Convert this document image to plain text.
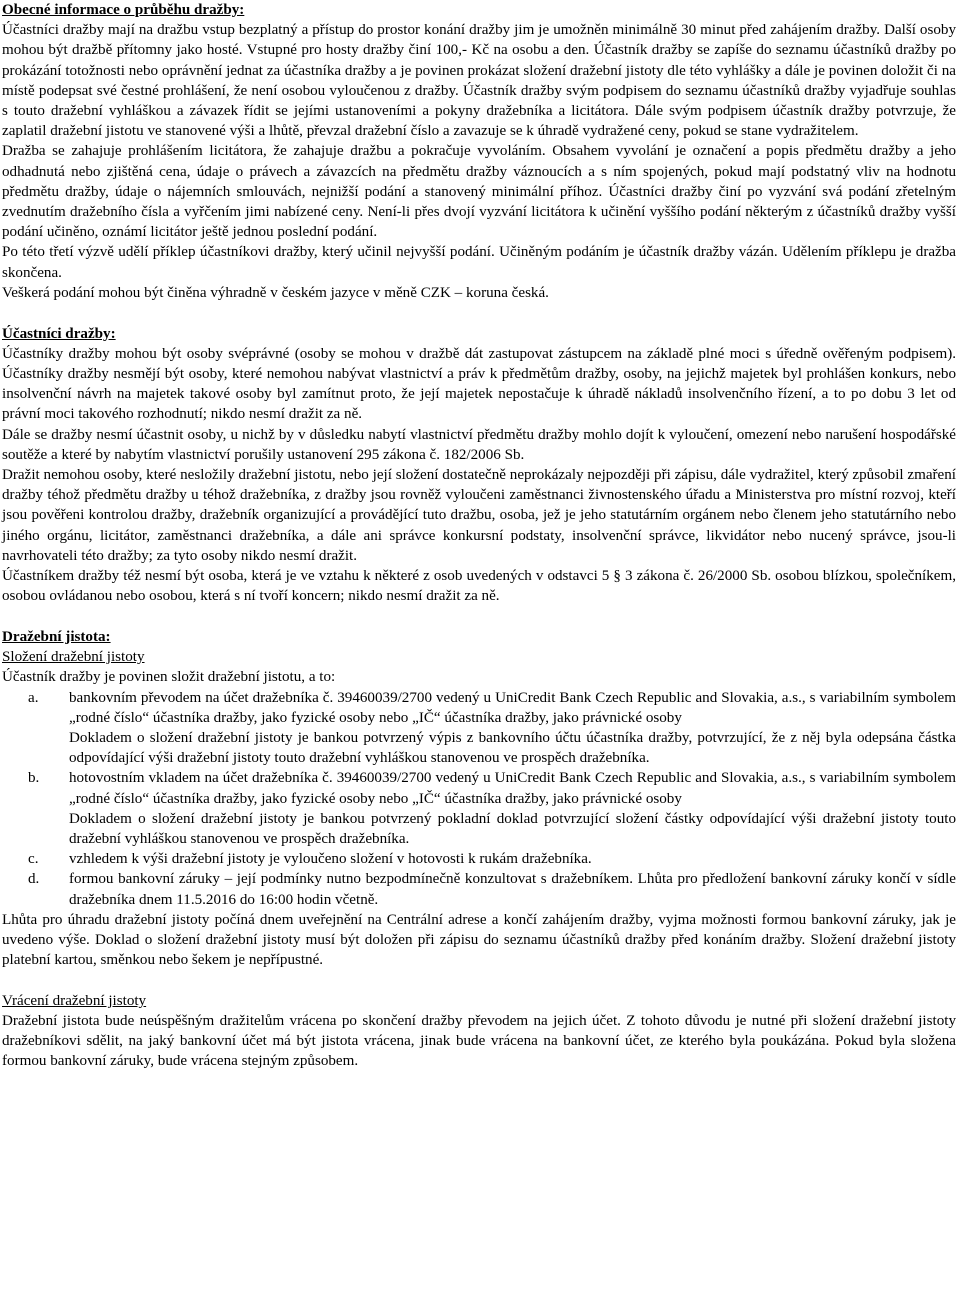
Obecné informace o průběhu dražby:

Účastníci dražby mají na dražbu vstup bezplatný a přístup do prostor konání dražby jim je umožněn minimálně 30 minut před zahájením dražby. Další osoby mohou být dražbě přítomny jako hosté. Vstupné pro hosty dražby činí 100,- Kč na osobu a den. Účastník dražby se zapíše do seznamu účastníků dražby po prokázání totožnosti nebo oprávnění jednat za účastníka dražby a je povinen prokázat složení dražební jistoty dle této vyhlášky a dále je povinen doložit či na místě podepsat své čestné prohlášení, že není osobou vyloučenou z dražby. Účastník dražby svým podpisem do seznamu účastníků dražby vyjadřuje souhlas s touto dražební vyhláškou a závazek řídit se jejími ustanoveními a pokyny dražebníka a licitátora. Dále svým podpisem účastník dražby potvrzuje, že zaplatil dražební jistotu ve stanovené výši a lhůtě, převzal dražební číslo a zavazuje se k úhradě vydražené ceny, pokud se stane vydražitelem.

Dražba se zahajuje prohlášením licitátora, že zahajuje dražbu a pokračuje vyvoláním. Obsahem vyvolání je označení a popis předmětu dražby a jeho odhadnutá nebo zjištěná cena, údaje o právech a závazcích na předmětu dražby váznoucích a s ním spojených, pokud mají podstatný vliv na hodnotu předmětu dražby, údaje o nájemních smlouvách, nejnižší podání a stanovený minimální příhoz. Účastníci dražby činí po vyzvání svá podání zřetelným zvednutím dražebního čísla a vyřčením jimi nabízené ceny. Není-li přes dvojí vyzvání licitátora k učinění vyššího podání některým z účastníků dražby vyšší podání učiněno, oznámí licitátor ještě jednou poslední podání.

Po této třetí výzvě udělí příklep účastníkovi dražby, který učinil nejvyšší podání. Učiněným podáním je účastník dražby vázán. Udělením příklepu je dražba skončena.

Veškerá podání mohou být činěna výhradně v českém jazyce v měně CZK – koruna česká.

Účastníci dražby:

Účastníky dražby mohou být osoby svéprávné (osoby se mohou v dražbě dát zastupovat zástupcem na základě plné moci s úředně ověřeným podpisem). Účastníky dražby nesmějí být osoby, které nemohou nabývat vlastnictví a práv k předmětům dražby, osoby, na jejichž majetek byl prohlášen konkurs, nebo insolvenční návrh na majetek takové osoby byl zamítnut proto, že její majetek nepostačuje k úhradě nákladů insolvenčního řízení, a to po dobu 3 let od právní moci takového rozhodnutí; nikdo nesmí dražit za ně.

Dále se dražby nesmí účastnit osoby, u nichž by v důsledku nabytí vlastnictví předmětu dražby mohlo dojít k vyloučení, omezení nebo narušení hospodářské soutěže a které by nabytím vlastnictví porušily ustanovení 295 zákona č. 182/2006 Sb.

Dražit nemohou osoby, které nesložily dražební jistotu, nebo její složení dostatečně neprokázaly nejpozději při zápisu, dále vydražitel, který způsobil zmaření dražby téhož předmětu dražby u téhož dražebníka, z dražby jsou rovněž vyloučeni zaměstnanci živnostenského úřadu a Ministerstva pro místní rozvoj, kteří jsou pověřeni kontrolou dražby, dražebník organizující a provádějící tuto dražbu, osoba, jež je jeho statutárním orgánem nebo členem jeho statutárního nebo jiného orgánu, licitátor, zaměstnanci dražebníka, a dále ani správce konkursní podstaty, insolvenční správce, likvidátor nebo nucený správce, jsou-li navrhovateli této dražby; za tyto osoby nikdo nesmí dražit.

Účastníkem dražby též nesmí být osoba, která je ve vztahu k některé z osob uvedených v odstavci 5 § 3 zákona č. 26/2000 Sb. osobou blízkou, společníkem, osobou ovládanou nebo osobou, která s ní tvoří koncern; nikdo nesmí dražit za ně.

Dražební jistota:

Složení dražební jistoty

Účastník dražby je povinen složit dražební jistotu, a to:

a. bankovním převodem na účet dražebníka č. 39460039/2700 vedený u UniCredit Bank Czech Republic and Slovakia, a.s., s variabilním symbolem „rodné číslo“ účastníka dražby, jako fyzické osoby nebo „IČ“ účastníka dražby, jako právnické osoby

Dokladem o složení dražební jistoty je bankou potvrzený výpis z bankovního účtu účastníka dražby, potvrzující, že z něj byla odepsána částka odpovídající výši dražební jistoty touto dražební vyhláškou stanovenou ve prospěch dražebníka.

b. hotovostním vkladem na účet dražebníka č. 39460039/2700 vedený u UniCredit Bank Czech Republic and Slovakia, a.s., s variabilním symbolem „rodné číslo“ účastníka dražby, jako fyzické osoby nebo „IČ“ účastníka dražby, jako právnické osoby

Dokladem o složení dražební jistoty je bankou potvrzený pokladní doklad potvrzující složení částky odpovídající výši dražební jistoty touto dražební vyhláškou stanovenou ve prospěch dražebníka.

c. vzhledem k výši dražební jistoty je vyloučeno složení v hotovosti k rukám dražebníka.

d. formou bankovní záruky – její podmínky nutno bezpodmínečně konzultovat s dražebníkem. Lhůta pro předložení bankovní záruky končí v sídle dražebníka dnem 11.5.2016 do 16:00 hodin včetně.

Lhůta pro úhradu dražební jistoty počíná dnem uveřejnění na Centrální adrese a končí zahájením dražby, vyjma možnosti formou bankovní záruky, jak je uvedeno výše. Doklad o složení dražební jistoty musí být doložen při zápisu do seznamu účastníků dražby před konáním dražby. Složení dražební jistoty platební kartou, směnkou nebo šekem je nepřípustné.

Vrácení dražební jistoty

Dražební jistota bude neúspěšným dražitelům vrácena po skončení dražby převodem na jejich účet. Z tohoto důvodu je nutné při složení dražební jistoty dražebníkovi sdělit, na jaký bankovní účet má být jistota vrácena, jinak bude vrácena na bankovní účet, ze kterého byla poukázána. Pokud byla složena formou bankovní záruky, bude vrácena stejným způsobem.
